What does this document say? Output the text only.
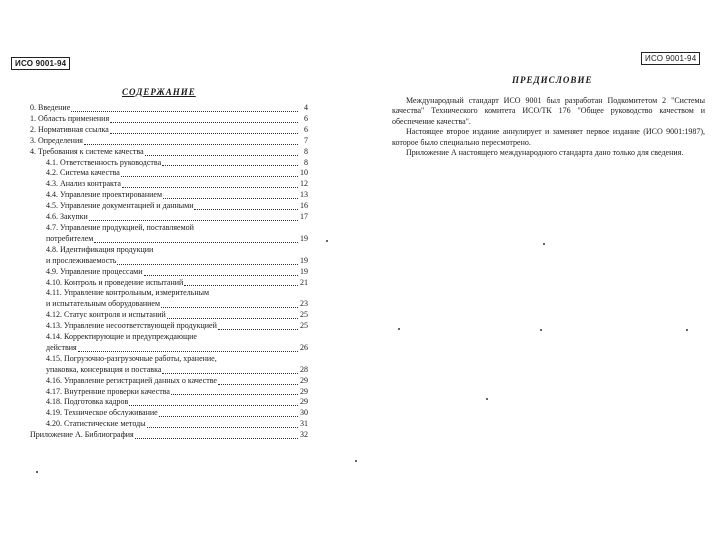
ИСО 9001-94
ИСО 9001-94
СОДЕРЖАНИЕ
0. Введение	4
1. Область применения	6
2. Нормативная ссылка	6
3. Определения	7
4. Требования к системе качества	8
4.1. Ответственность руководства	8
4.2. Система качества	10
4.3. Анализ контракта	12
4.4. Управление проектированием	13
4.5. Управление документацией и данными	16
4.6. Закупки	17
4.7. Управление продукцией, поставляемой
потребителем	19
4.8. Идентификация продукции
и прослеживаемость	19
4.9. Управление процессами	19
4.10. Контроль и проведение испытаний	21
4.11. Управление контрольным, измерительным
и испытательным оборудованием	23
4.12. Статус контроля и испытаний	25
4.13. Управление несоответствующей продукцией	25
4.14. Корректирующие и предупреждающие
действия	26
4.15. Погрузочно-разгрузочные работы, хранение,
упаковка, консервация и поставка	28
4.16. Управление регистрацией данных о качестве	29
4.17. Внутренние проверки качества	29
4.18. Подготовка кадров	29
4.19. Техническое обслуживание	30
4.20. Статистические методы	31
Приложение А. Библиография	32
ПРЕДИСЛОВИЕ

Международный стандарт ИСО 9001 был разработан Подкомитетом 2 "Системы качества" Технического комитета ИСО/ТК 176 "Общее руководство качеством и обеспечение качества".

Настоящее второе издание аннулирует и заменяет первое издание (ИСО 9001:1987), которое было специально пересмотрено.

Приложение А настоящего международного стандарта дано только для сведения.
